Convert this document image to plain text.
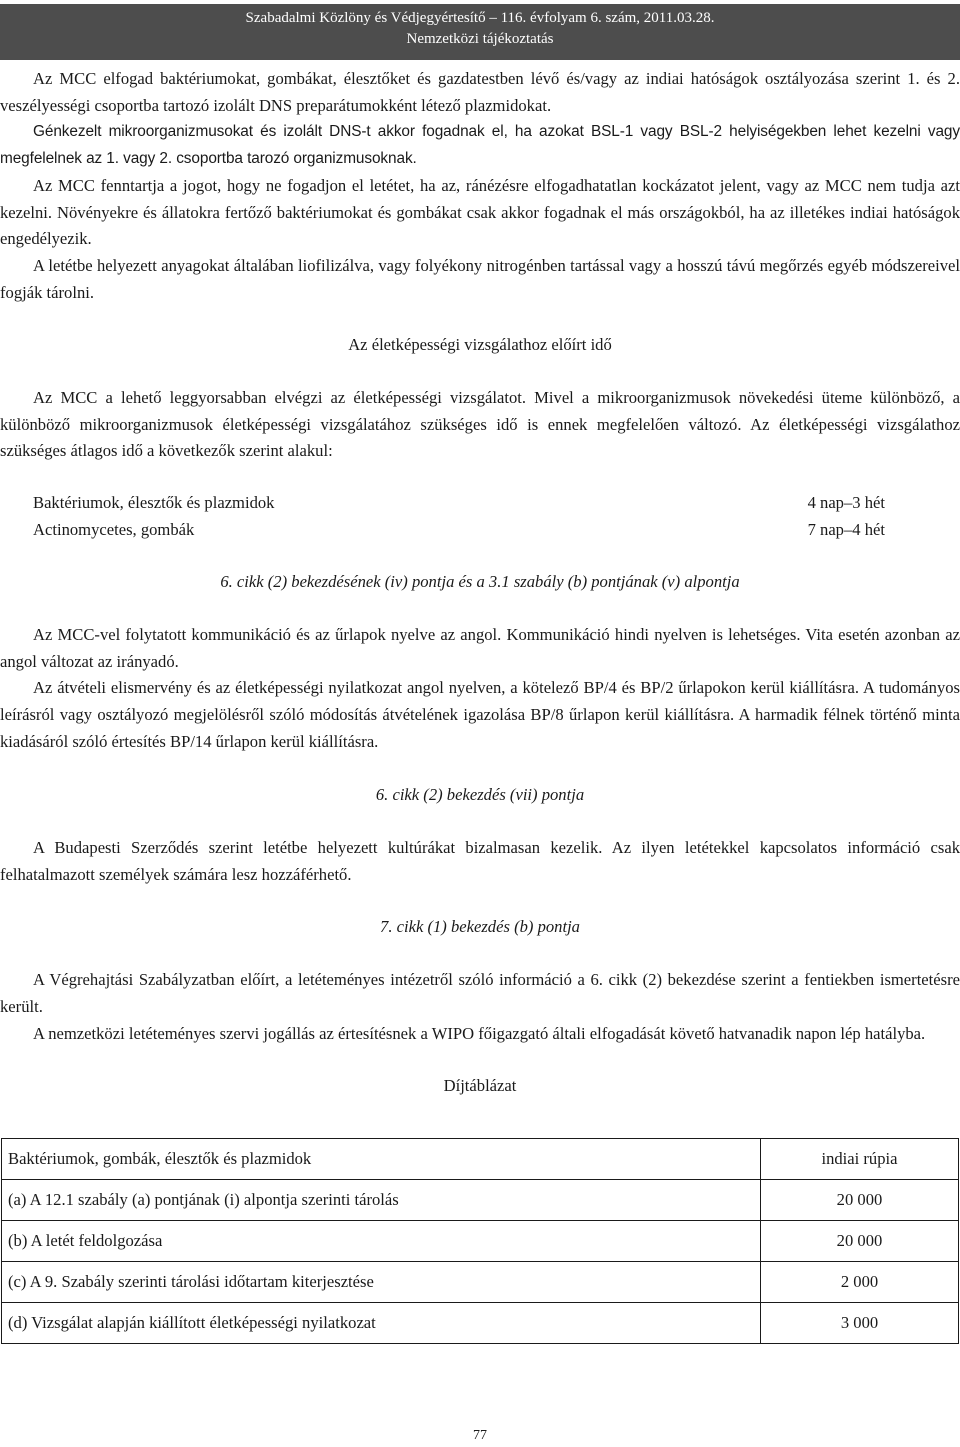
Szabadalmi Közlöny és Védjegyértesítő – 116. évfolyam 6. szám, 2011.03.28.
Nemzetközi tájékoztatás

Az MCC elfogad baktériumokat, gombákat, élesztőket és gazdatestben lévő és/vagy az indiai hatóságok osztályozása szerint 1. és 2. veszélyességi csoportba tartozó izolált DNS preparátumokként létező plazmidokat.

Génkezelt mikroorganizmusokat és izolált DNS-t akkor fogadnak el, ha azokat BSL-1 vagy BSL-2 helyiségekben lehet kezelni vagy megfelelnek az 1. vagy 2. csoportba tarozó organizmusoknak.

Az MCC fenntartja a jogot, hogy ne fogadjon el letétet, ha az, ránézésre elfogadhatatlan kockázatot jelent, vagy az MCC nem tudja azt kezelni. Növényekre és állatokra fertőző baktériumokat és gombákat csak akkor fogadnak el más országokból, ha az illetékes indiai hatóságok engedélyezik.

A letétbe helyezett anyagokat általában liofilizálva, vagy folyékony nitrogénben tartással vagy a hosszú távú megőrzés egyéb módszereivel fogják tárolni.

Az életképességi vizsgálathoz előírt idő

Az MCC a lehető leggyorsabban elvégzi az életképességi vizsgálatot. Mivel a mikroorganizmusok növekedési üteme különböző, a különböző mikroorganizmusok életképességi vizsgálatához szükséges idő is ennek megfelelően változó. Az életképességi vizsgálathoz szükséges átlagos idő a következők szerint alakul:

Baktériumok, élesztők és plazmidok	4 nap–3 hét
Actinomycetes, gombák	7 nap–4 hét

6. cikk (2) bekezdésének (iv) pontja és a 3.1 szabály (b) pontjának (v) alpontja

Az MCC-vel folytatott kommunikáció és az űrlapok nyelve az angol. Kommunikáció hindi nyelven is lehetséges. Vita esetén azonban az angol változat az irányadó.

Az átvételi elismervény és az életképességi nyilatkozat angol nyelven, a kötelező BP/4 és BP/2 űrlapokon kerül kiállításra. A tudományos leírásról vagy osztályozó megjelölésről szóló módosítás átvételének igazolása BP/8 űrlapon kerül kiállításra. A harmadik félnek történő minta kiadásáról szóló értesítés BP/14 űrlapon kerül kiállításra.

6. cikk (2) bekezdés (vii) pontja

A Budapesti Szerződés szerint letétbe helyezett kultúrákat bizalmasan kezelik. Az ilyen letétekkel kapcsolatos információ csak felhatalmazott személyek számára lesz hozzáférhető.

7. cikk (1) bekezdés (b) pontja

A Végrehajtási Szabályzatban előírt, a letéteményes intézetről szóló információ a 6. cikk (2) bekezdése szerint a fentiekben ismertetésre került.

A nemzetközi letéteményes szervi jogállás az értesítésnek a WIPO főigazgató általi elfogadását követő hatvanadik napon lép hatályba.

Díjtáblázat

Baktériumok, gombák, élesztők és plazmidok	indiai rúpia
(a) A 12.1 szabály (a) pontjának (i) alpontja szerinti tárolás	20 000
(b) A letét feldolgozása	20 000
(c) A 9. Szabály szerinti tárolási időtartam kiterjesztése	2 000
(d) Vizsgálat alapján kiállított életképességi nyilatkozat	3 000
77
